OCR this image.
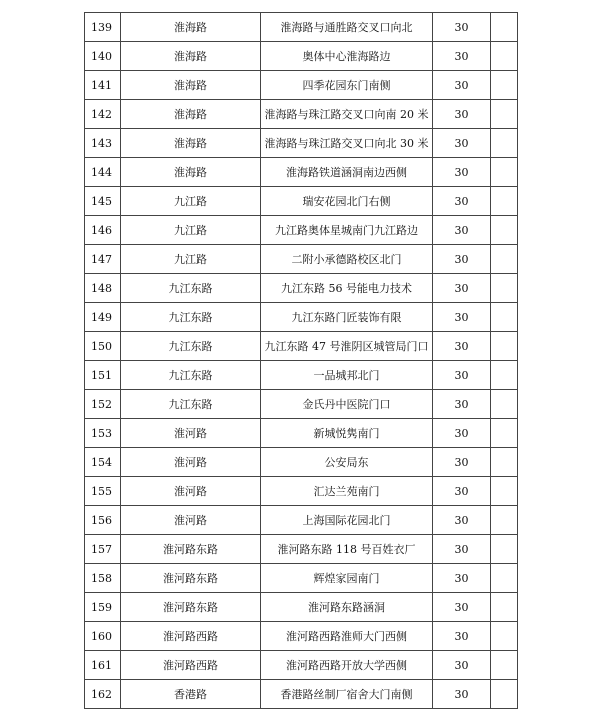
139	淮海路	淮海路与通胜路交叉口向北	30	
140	淮海路	奥体中心淮海路边	30	
141	淮海路	四季花园东门南侧	30	
142	淮海路	淮海路与珠江路交叉口向南 20 米	30	
143	淮海路	淮海路与珠江路交叉口向北 30 米	30	
144	淮海路	淮海路铁道涵洞南边西侧	30	
145	九江路	瑞安花园北门右侧	30	
146	九江路	九江路奥体星城南门九江路边	30	
147	九江路	二附小承德路校区北门	30	
148	九江东路	九江东路 56 号能电力技术	30	
149	九江东路	九江东路门匠装饰有限	30	
150	九江东路	九江东路 47 号淮阴区城管局门口	30	
151	九江东路	一品城邦北门	30	
152	九江东路	金氏丹中医院门口	30	
153	淮河路	新城悦隽南门	30	
154	淮河路	公安局东	30	
155	淮河路	汇达兰苑南门	30	
156	淮河路	上海国际花园北门	30	
157	淮河路东路	淮河路东路 118 号百姓衣厂	30	
158	淮河路东路	辉煌家园南门	30	
159	淮河路东路	淮河路东路涵洞	30	
160	淮河路西路	淮河路西路淮师大门西侧	30	
161	淮河路西路	淮河路西路开放大学西侧	30	
162	香港路	香港路丝制厂宿舍大门南侧	30	
